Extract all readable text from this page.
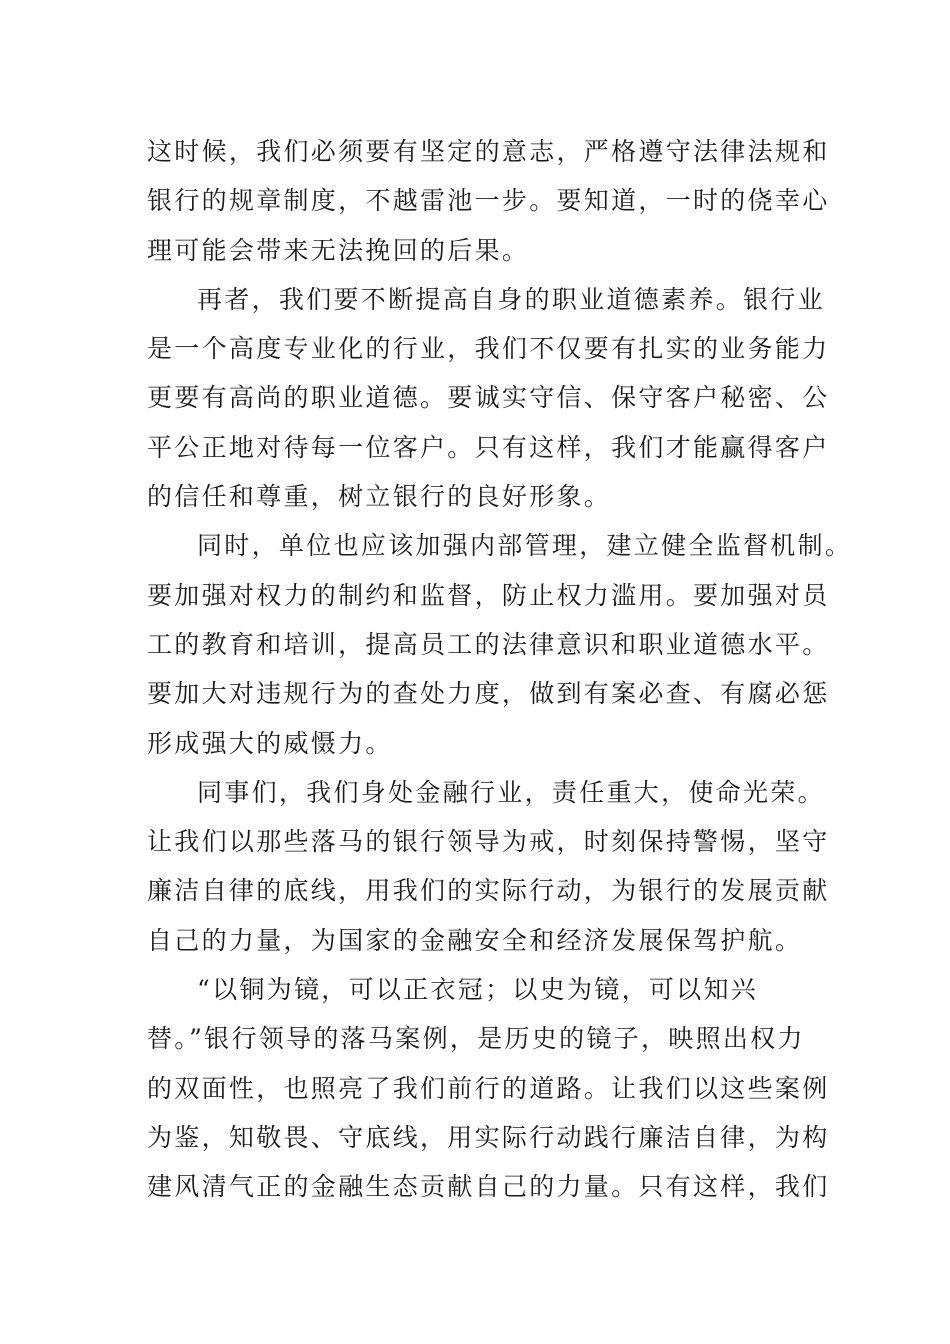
这时候，我们必须要有坚定的意志，严格遵守法律法规和
银行的规章制度，不越雷池一步。要知道，一时的侥幸心
理可能会带来无法挽回的后果。
再者，我们要不断提高自身的职业道德素养。银行业
是一个高度专业化的行业，我们不仅要有扎实的业务能力
更要有高尚的职业道德。要诚实守信、保守客户秘密、公
平公正地对待每一位客户。只有这样，我们才能赢得客户
的信任和尊重，树立银行的良好形象。
同时，单位也应该加强内部管理，建立健全监督机制。
要加强对权力的制约和监督，防止权力滥用。要加强对员
工的教育和培训，提高员工的法律意识和职业道德水平。
要加大对违规行为的查处力度，做到有案必查、有腐必惩
形成强大的威慑力。
同事们，我们身处金融行业，责任重大，使命光荣。
让我们以那些落马的银行领导为戒，时刻保持警惕，坚守
廉洁自律的底线，用我们的实际行动，为银行的发展贡献
自己的力量，为国家的金融安全和经济发展保驾护航。
“以铜为镜，可以正衣冠；以史为镜，可以知兴
替。”银行领导的落马案例，是历史的镜子，映照出权力
的双面性，也照亮了我们前行的道路。让我们以这些案例
为鉴，知敬畏、守底线，用实际行动践行廉洁自律，为构
建风清气正的金融生态贡献自己的力量。只有这样，我们
